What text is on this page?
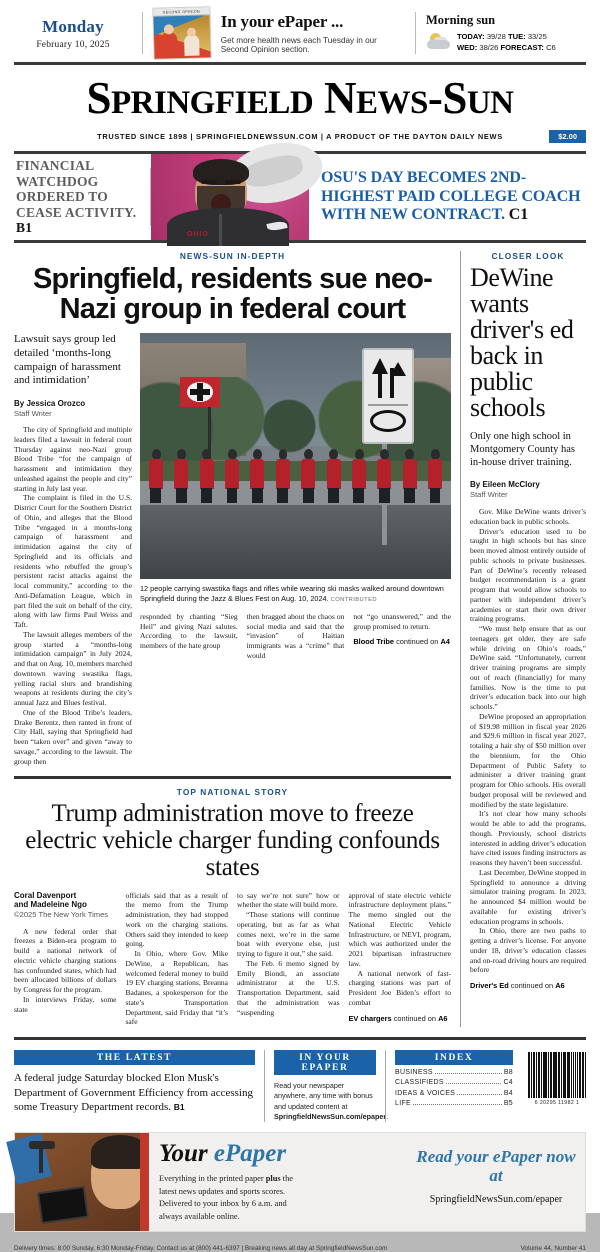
Monday
February 10, 2025
SECOND OPINION	In your ePaper ...
Get more health news each Tuesday in our Second Opinion section.
Morning sun
TODAY: 39/28 TUE: 33/25
WED: 38/26 FORECAST: C6
SPRINGFIELD NEWS-SUN
TRUSTED SINCE 1898 | SPRINGFIELDNEWSSUN.COM | A PRODUCT OF THE DAYTON DAILY NEWS	$2.00
FINANCIAL WATCHDOG ORDERED TO CEASE ACTIVITY. B1	OHIO
OSU'S DAY BECOMES 2ND-HIGHEST PAID COLLEGE COACH WITH NEW CONTRACT. C1
NEWS-SUN IN-DEPTH
Springfield, residents sue neo-Nazi group in federal court
Lawsuit says group led detailed ‘months-long campaign of harassment and intimidation’
By Jessica Orozco
Staff Writer

The city of Springfield and multiple leaders filed a lawsuit in federal court Thursday against neo-Nazi group Blood Tribe “for the campaign of harassment and intimidation they unleashed against the people and city” starting in July last year.

The complaint is filed in the U.S. District Court for the Southern District of Ohio, and alleges that the Blood Tribe “engaged in a months-long campaign of harassment and intimidation against the city of Springfield and its officials and residents who rebuffed the group’s persistent racist attacks against the local community,” according to the Anti-Defamation League, which in part filed the suit on behalf of the city, along with law firms Paul Weiss and Taft.

The lawsuit alleges members of the group started a “months-long intimidation campaign” in July 2024, and that on Aug. 10, members marched downtown waving swastika flags, yelling racial slurs and brandishing weapons at residents during the city’s annual Jazz and Blues festival.

One of the Blood Tribe’s leaders, Drake Berentz, then ranted in front of City Hall, saying that Springfield had been “taken over” and given “away to savage,” according to the lawsuit. The group then

12 people carrying swastika flags and rifles while wearing ski masks walked around downtown Springfield during the Jazz & Blues Fest on Aug. 10, 2024. CONTRIBUTED

responded by chanting “Sieg Heil” and giving Nazi salutes. According to the lawsuit, members of the hate group

then bragged about the chaos on social media and said that the “invasion” of Haitian immigrants was a “crime” that would

not “go unanswered,” and the group promised to return.

Blood Tribe continued on A4
TOP NATIONAL STORY
Trump administration move to freeze electric vehicle charger funding confounds states
Coral Davenport
and Madeleine Ngo
©2025 The New York Times

A new federal order that freezes a Biden-era program to build a national network of electric vehicle charging stations has confounded states, which had been allocated billions of dollars by Congress for the program.

In interviews Friday, some state

officials said that as a result of the memo from the Trump administration, they had stopped work on the charging stations. Others said they intended to keep going.

In Ohio, where Gov. Mike DeWine, a Republican, has welcomed federal money to build 19 EV charging stations, Breanna Badanes, a spokesperson for the state’s Transportation Department, said Friday that “it’s safe

to say we’re not sure” how or whether the state will build more.

“Those stations will continue operating, but as far as what comes next, we’re in the same boat with everyone else, just trying to figure it out,” she said.

The Feb. 6 memo signed by Emily Biondi, an associate administrator at the U.S. Transportation Department, said that the administration was “suspending

approval of state electric vehicle infrastructure deployment plans.” The memo singled out the National Electric Vehicle Infrastructure, or NEVI, program, which was authorized under the 2021 bipartisan infrastructure law.

A national network of fast-charging stations was part of President Joe Biden’s effort to combat

EV chargers continued on A6
CLOSER LOOK
DeWine wants driver's ed back in public schools
Only one high school in Montgomery County has in-house driver training.
By Eileen McClory
Staff Writer

Gov. Mike DeWine wants driver’s education back in public schools.

Driver’s education used to be taught in high schools but has since been moved almost entirely outside of public schools to private businesses. Part of DeWine’s recently released budget recommendation is a grant program that would allow schools to partner with independent driver’s academies or start their own driver training programs.

“We must help ensure that as our teenagers get older, they are safe while driving on Ohio’s roads,” DeWine said. “Unfortunately, current driver training programs are simply out of reach (financially) for many families. Now is the time to put driver’s education back into our high schools.”

DeWine proposed an appropriation of $19.98 million in fiscal year 2026 and $29.6 million in fiscal year 2027, totaling a hair shy of $50 million over the biennium, for the Ohio Department of Public Safety to administer a driver training grant program for Ohio schools. His overall budget proposal will be reviewed and modified by the state legislature.

It’s not clear how many schools would be able to add the programs, though. Previously, school districts interested in adding driver’s education have cited issues finding instructors as reasons they haven’t been successful.

Last December, DeWine stopped in Springfield to announce a driving simulator training program. In 2023, he announced $4 million would be available for existing driver’s education programs in schools.

In Ohio, there are two paths to getting a driver’s license. For anyone under 18, driver’s education classes and on-road driving hours are required before

Driver's Ed continued on A6
THE LATEST
A federal judge Saturday blocked Elon Musk's Department of Government Efficiency from accessing some Treasury Department records. B1
IN YOUR EPAPER
Read your newspaper anywhere, any time with bonus and updated content at SpringfieldNewsSun.com/epaper.
INDEX
BUSINESS	B8
CLASSIFIEDS	C4
IDEAS & VOICES	B4
LIFE	B5	6 20295 11982 1
Your ePaper
Everything in the printed paper plus the
latest news updates and sports scores.
Delivered to your inbox by 6 a.m. and
always available online.
Read your ePaper now at
SpringfieldNewsSun.com/epaper
Delivery times: 8:00 Sunday, 6:30 Monday-Friday. Contact us at (800) 441-6397 | Breaking news all day at SpringfieldNewsSun.com	Volume 44, Number 41
